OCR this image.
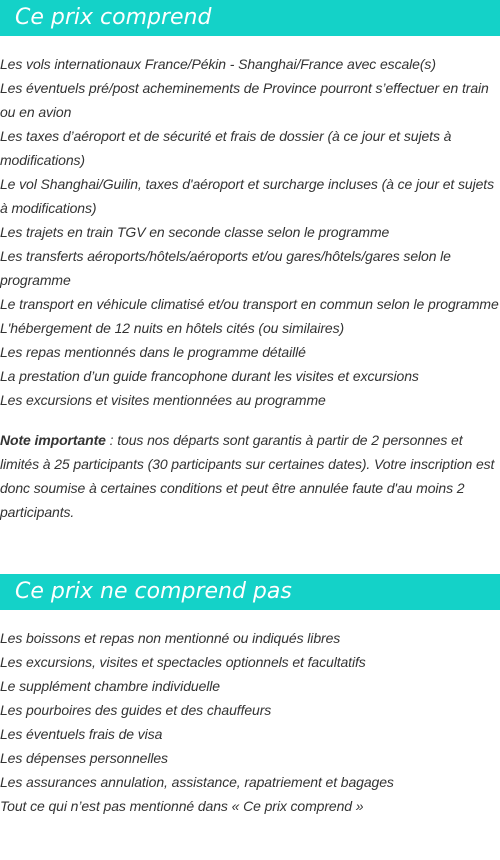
Ce prix comprend
Les vols internationaux France/Pékin - Shanghai/France avec escale(s)
Les éventuels pré/post acheminements de Province pourront s’effectuer en train ou en avion
Les taxes d’aéroport et de sécurité et frais de dossier (à ce jour et sujets à modifications)
Le vol Shanghai/Guilin, taxes d'aéroport et surcharge incluses (à ce jour et sujets à modifications)
Les trajets en train TGV en seconde classe selon le programme
Les transferts aéroports/hôtels/aéroports et/ou gares/hôtels/gares selon le programme
Le transport en véhicule climatisé et/ou transport en commun selon le programme
L'hébergement de 12 nuits en hôtels cités (ou similaires)
Les repas mentionnés dans le programme détaillé
La prestation d’un guide francophone durant les visites et excursions
Les excursions et visites mentionnées au programme

Note importante : tous nos départs sont garantis à partir de 2 personnes et limités à 25 participants (30 participants sur certaines dates). Votre inscription est donc soumise à certaines conditions et peut être annulée faute d'au moins 2 participants.

Ce prix ne comprend pas
Les boissons et repas non mentionné ou indiqués libres
Les excursions, visites et spectacles optionnels et facultatifs
Le supplément chambre individuelle
Les pourboires des guides et des chauffeurs
Les éventuels frais de visa
Les dépenses personnelles
Les assurances annulation, assistance, rapatriement et bagages
Tout ce qui n’est pas mentionné dans « Ce prix comprend »
